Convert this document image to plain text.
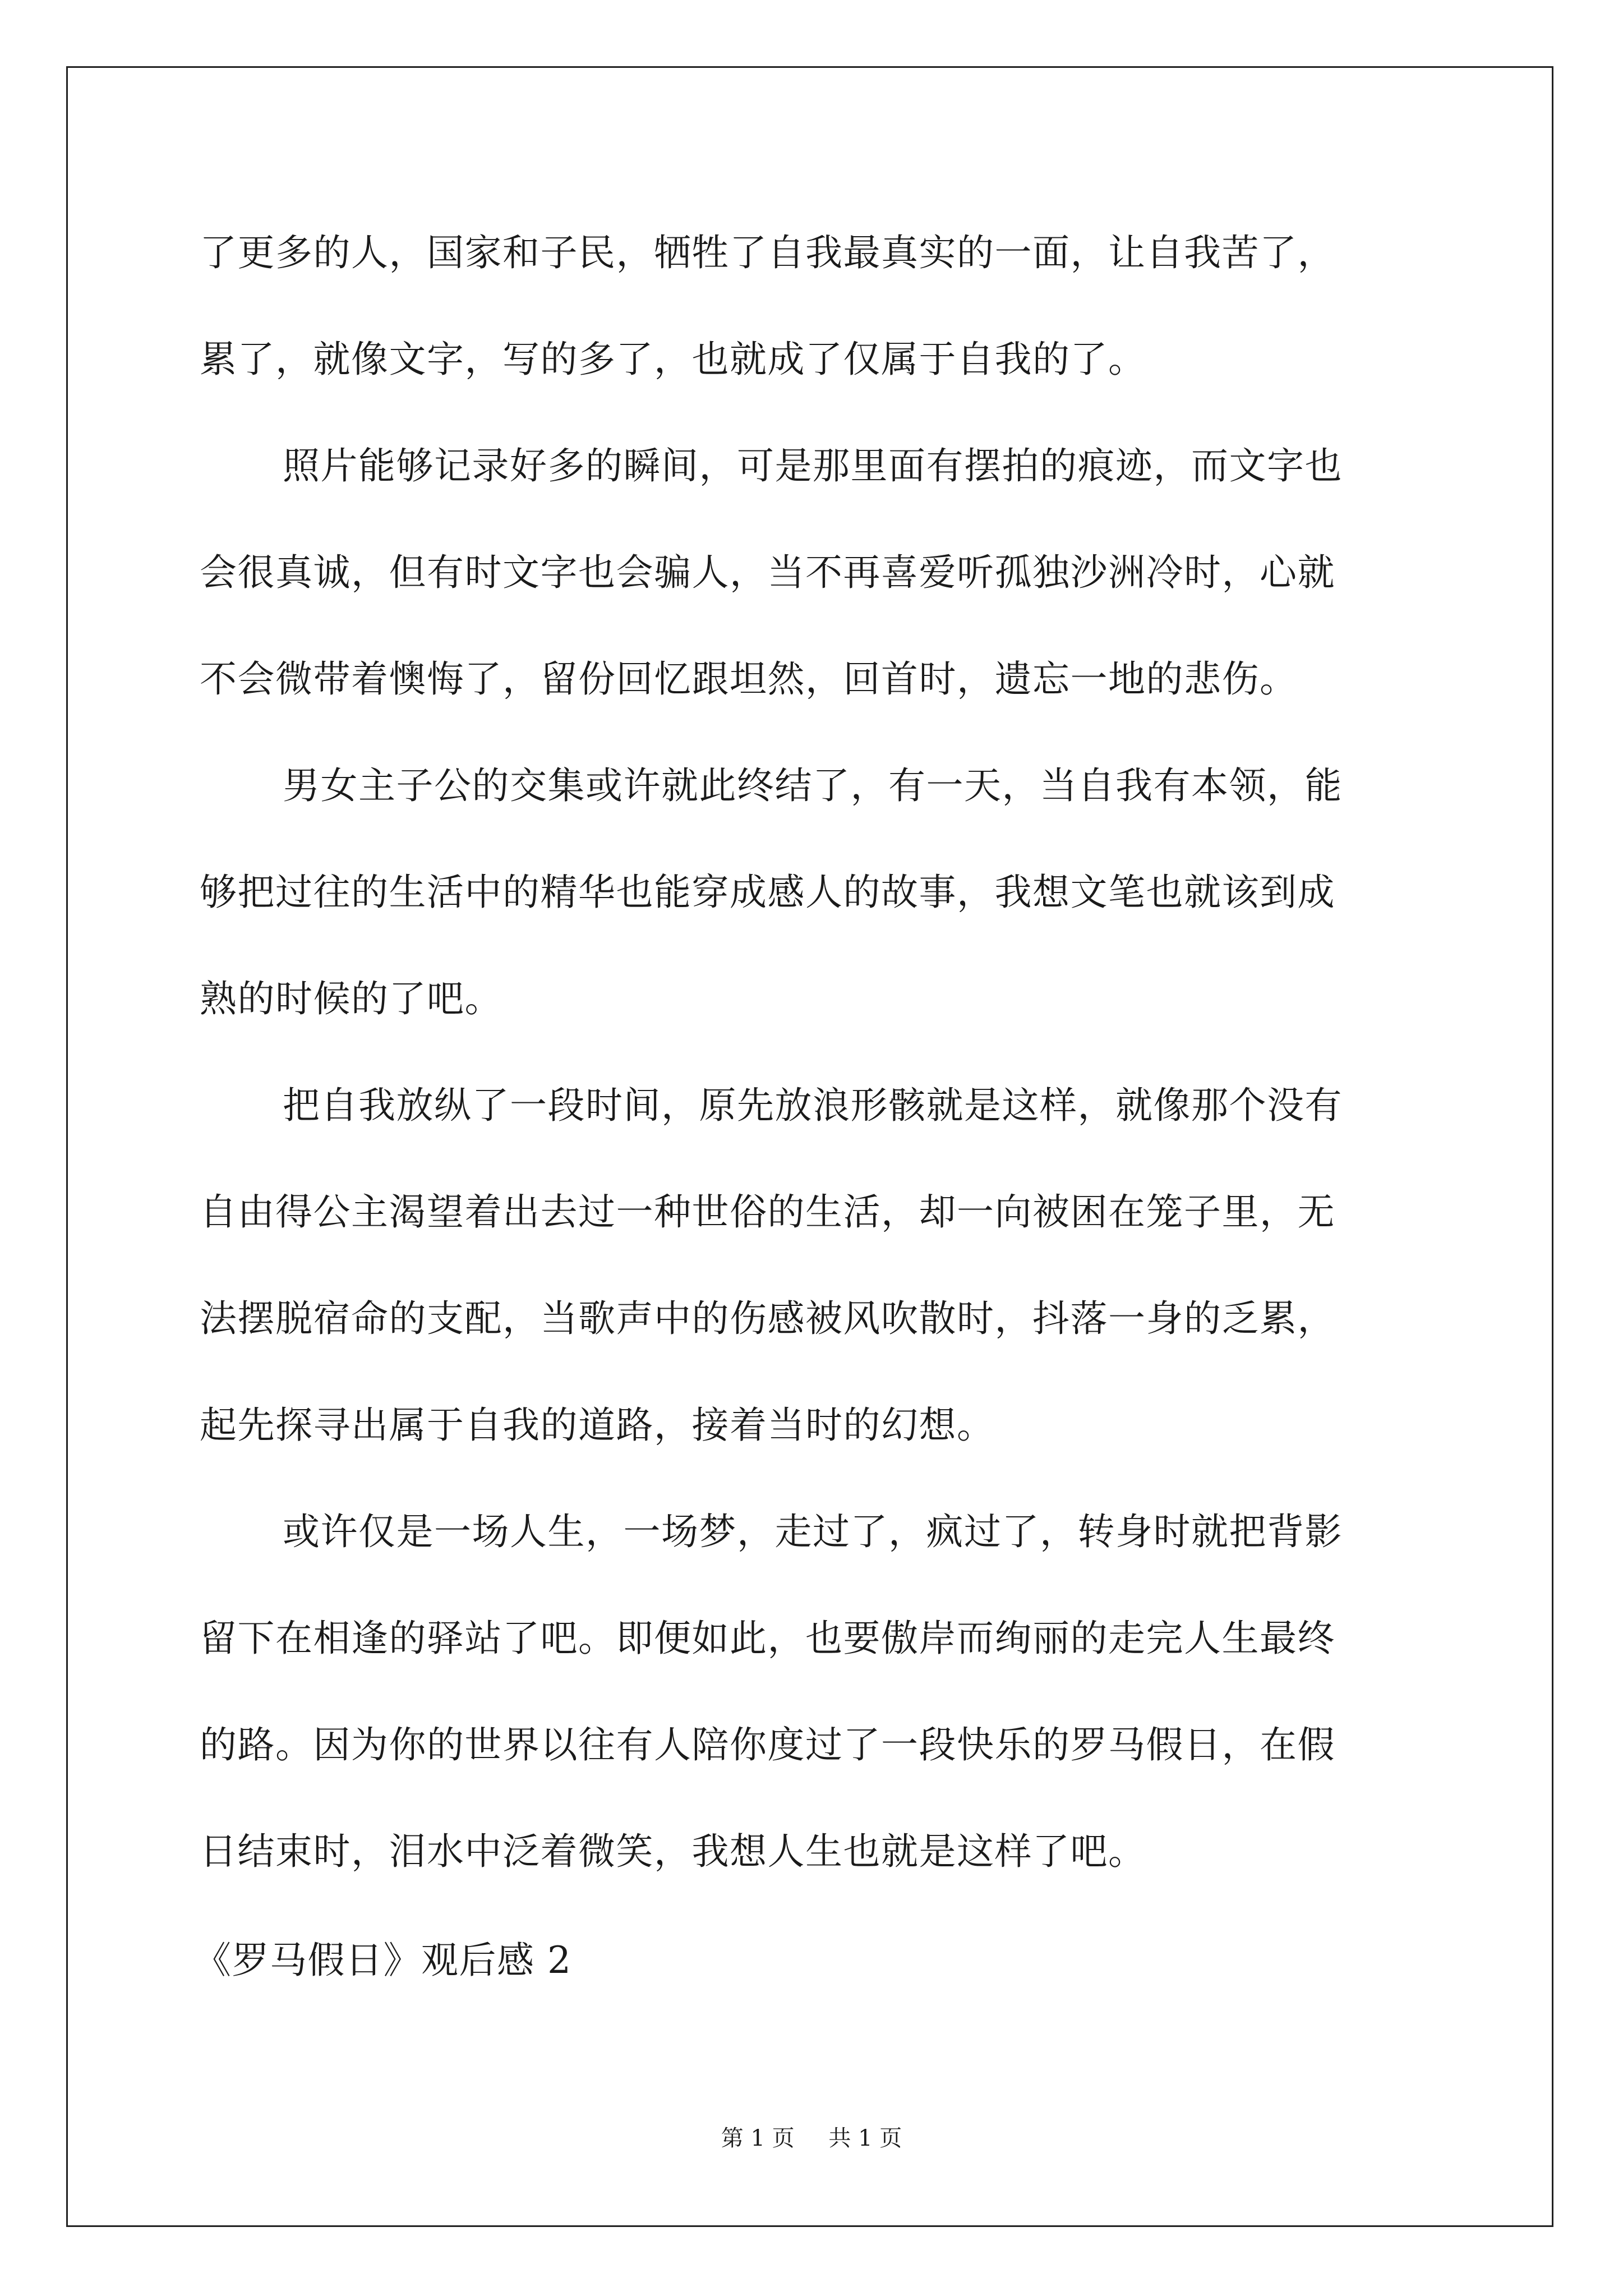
了更多的人，国家和子民，牺牲了自我最真实的一面，让自我苦了，
累了，就像文字，写的多了，也就成了仅属于自我的了。
照片能够记录好多的瞬间，可是那里面有摆拍的痕迹，而文字也
会很真诚，但有时文字也会骗人，当不再喜爱听孤独沙洲冷时，心就
不会微带着懊悔了，留份回忆跟坦然，回首时，遗忘一地的悲伤。
男女主子公的交集或许就此终结了，有一天，当自我有本领，能
够把过往的生活中的精华也能穿成感人的故事，我想文笔也就该到成
熟的时候的了吧。
把自我放纵了一段时间，原先放浪形骸就是这样，就像那个没有
自由得公主渴望着出去过一种世俗的生活，却一向被困在笼子里，无
法摆脱宿命的支配，当歌声中的伤感被风吹散时，抖落一身的乏累，
起先探寻出属于自我的道路，接着当时的幻想。
或许仅是一场人生，一场梦，走过了，疯过了，转身时就把背影
留下在相逢的驿站了吧。即便如此，也要傲岸而绚丽的走完人生最终
的路。因为你的世界以往有人陪你度过了一段快乐的罗马假日，在假
日结束时，泪水中泛着微笑，我想人生也就是这样了吧。
《罗马假日》观后感 2
第 1 页 共 1 页
